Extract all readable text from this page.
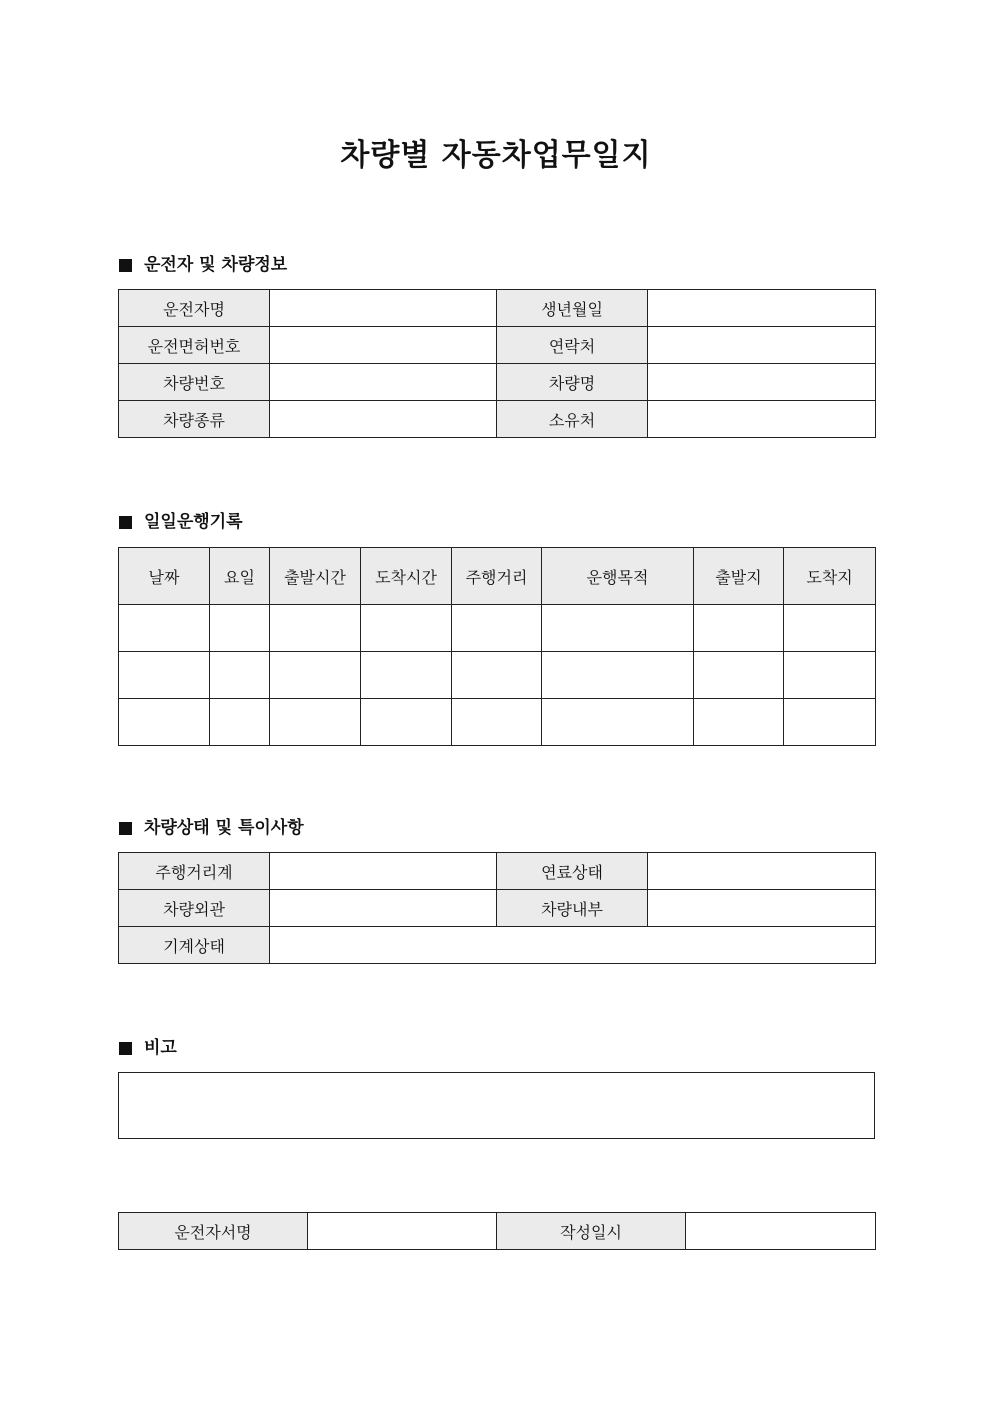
차량별 자동차업무일지
운전자 및 차량정보
운전자명		생년월일	
운전면허번호		연락처	
차량번호		차량명	
차량종류		소유처	
일일운행기록
날짜	요일	출발시간	도착시간	주행거리	운행목적	출발지	도착지

차량상태 및 특이사항
주행거리계		연료상태	
차량외관		차량내부	
기계상태			
비고
운전자서명		작성일시	
